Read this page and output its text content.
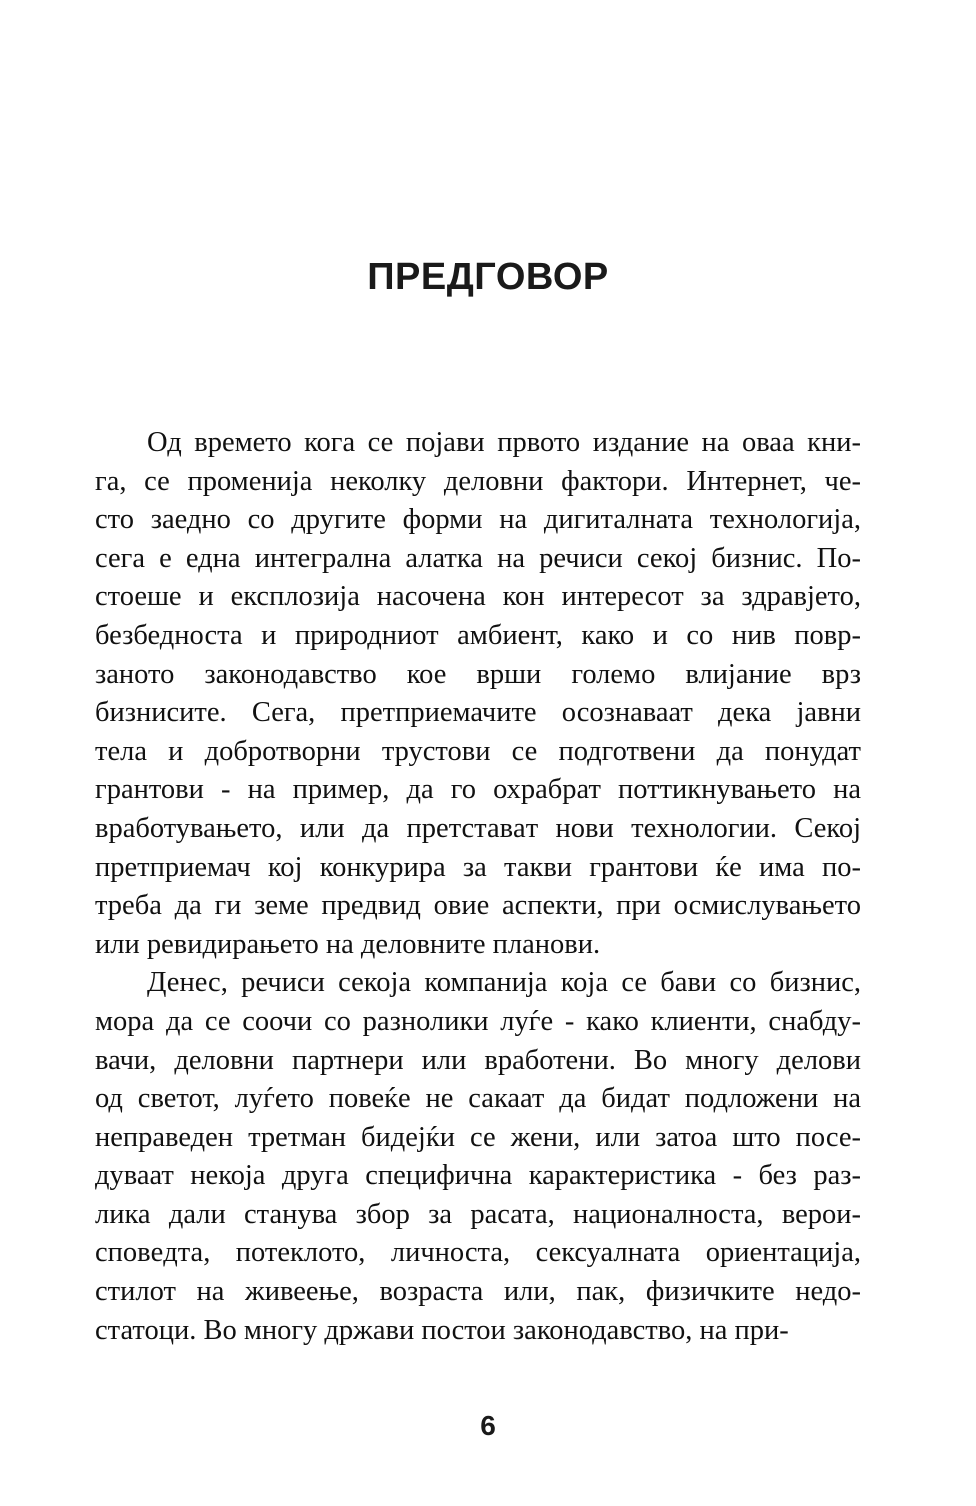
ПРЕДГОВОР

Од времето кога се појави првото издание на оваа кни-
га, се промениja неколку деловни фактори. Интернет, че-
сто заедно со другите форми на дигиталната технологија,
сега е една интегрална алатка на речиси секој бизнис. По-
стоеше и експлозија насочена кон интересот за здравјето,
безбедноста и природниот амбиент, како и со нив повр-
заното законодавство кое врши големо влијание врз
бизнисите. Сега, претприемачите осознаваат дека јавни
тела и добротворни трустови се подготвени да понудат
грантови - на пример, да го охрабрат поттикнувањето на
вработувањето, или да претставaт нови технологии. Секој
претприемач кој конкурира за такви грантови ќе има по-
треба да ги земе предвид овие аспекти, при осмислувањето
или ревидирањето на деловните планови.

Денес, речиси секоја компанија која се бави со бизнис,
мора да се соочи со разнолики луѓе - како клиенти, снабду-
вачи, деловни партнери или вработени. Во многу делови
од светот, луѓето повеќе не сакаат да бидат подложени на
неправеден третман бидејќи се жени, или затоа што посе-
дуваат некоја друга специфична карактеристика - без раз-
лика дали станува збор за расата, националноста, верои-
сповeдта, потеклото, личноста, сексуалната ориентација,
стилот на живеење, возраста или, пак, физичките недо-
статоци. Во многу држави постои законодавство, на при-

6
